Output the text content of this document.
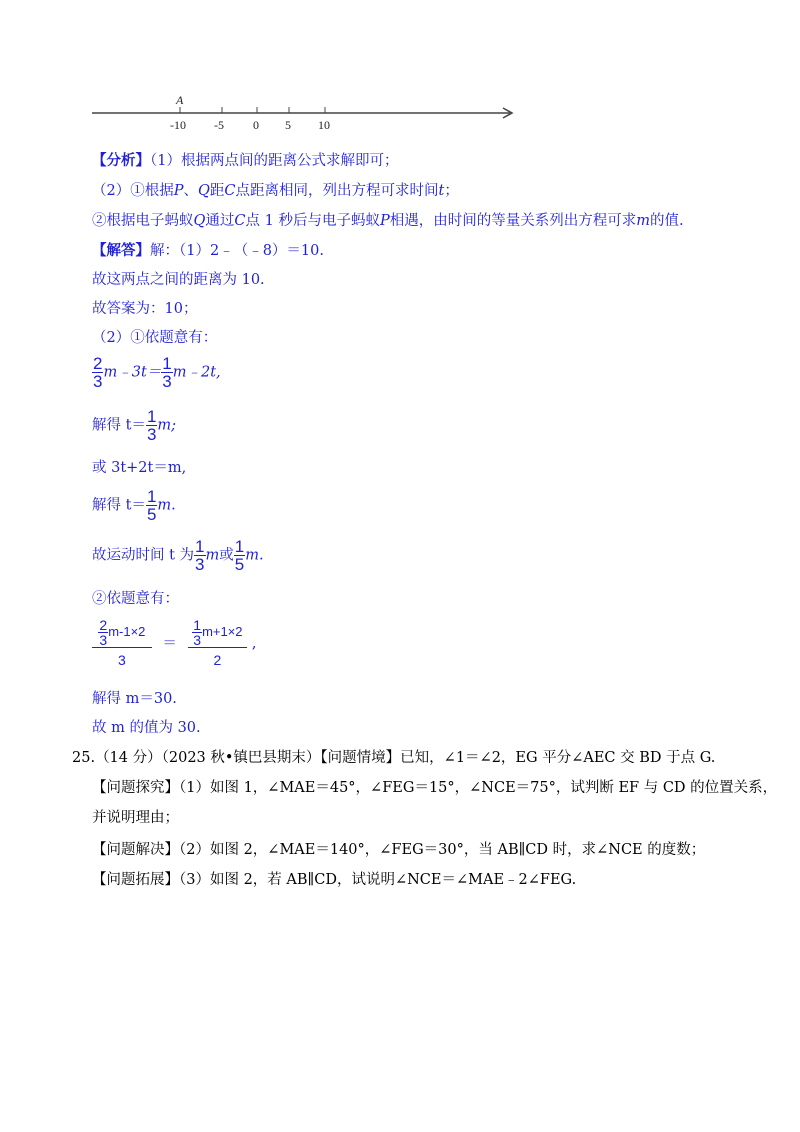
A
-10 -5 0 5 10
【分析】（1）根据两点间的距离公式求解即可；
（2）①根据P、Q距C点距离相同，列出方程可求时间t；
②根据电子蚂蚁Q通过C点 1 秒后与电子蚂蚁P相遇，由时间的等量关系列出方程可求m的值.
【解答】解：（1）2﹣（﹣8）＝10.
故这两点之间的距离为 10.
故答案为：10；
（2）①依题意有：
$\frac{2}{3}$ m﹣3t＝ $\frac{1}{3}$ m﹣2t,
解得 $t= \frac{1}{3} m$;
或 3t+2t＝m,
解得 $t= \frac{1}{5} m$.
故运动时间 t 为 $\frac{1}{3}$ m或 $\frac{1}{5} m$.
②依题意有：
$\frac{\frac{2}{3} m-1\times 2}{3} = \frac{\frac{1}{3} m+1\times 2}{2}$ ,
解得 m＝30.
故 m 的值为 30.
25.（14 分）（2023 秋•镇巴县期末）【问题情境】已知，∠1＝∠2，EG 平分∠AEC 交 BD 于点 G.
【问题探究】（1）如图 1，∠MAE＝45°，∠FEG＝15°，∠NCE＝75°，试判断 EF 与 CD 的位置关系，
并说明理由；
【问题解决】（2）如图 2，∠MAE＝140°，∠FEG＝30°，当 AB∥CD 时，求∠NCE 的度数；
【问题拓展】（3）如图 2，若 AB∥CD，试说明∠NCE＝∠MAE﹣2∠FEG.
